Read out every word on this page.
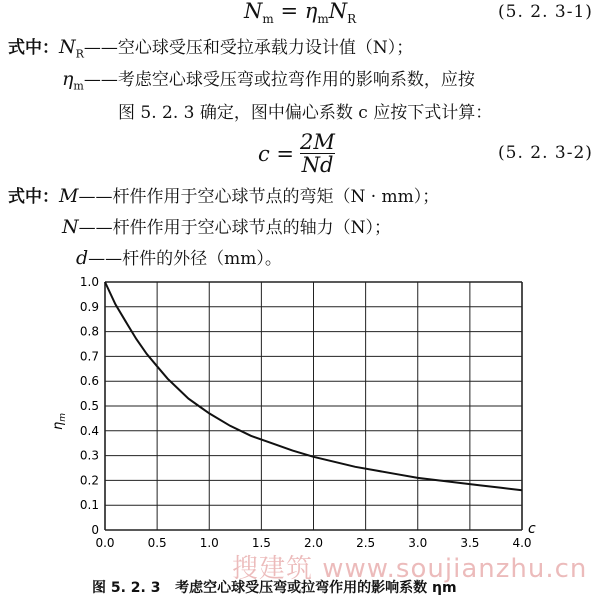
$N_m = \eta_mN_R$	(5. 2. 3-1)
式中：$N_R——$空心球受压和受拉承载力设计值（N）；
$\eta_m——$考虑空心球受压弯或拉弯作用的影响系数，应按
图 5. 2. 3 确定，图中偏心系数 c 应按下式计算：
$c = \frac{2M}{Nd}$	(5. 2. 3-2)
式中：M——杆件作用于空心球节点的弯矩（N · mm）；
N——杆件作用于空心球节点的轴力（N）；
d——杆件的外径（mm）。
0.0	0.5	1.0	1.5	2.0	2.5	3.0	3.5	4.0
0
0.1
0.2
0.3
0.4
0.5
0.6
0.7
0.8
0.9
1.0
c
$\eta_m$
图 5. 2. 3 考虑空心球受压弯或拉弯作用的影响系数 ηm
搜建筑 www.soujianzhu.cn
